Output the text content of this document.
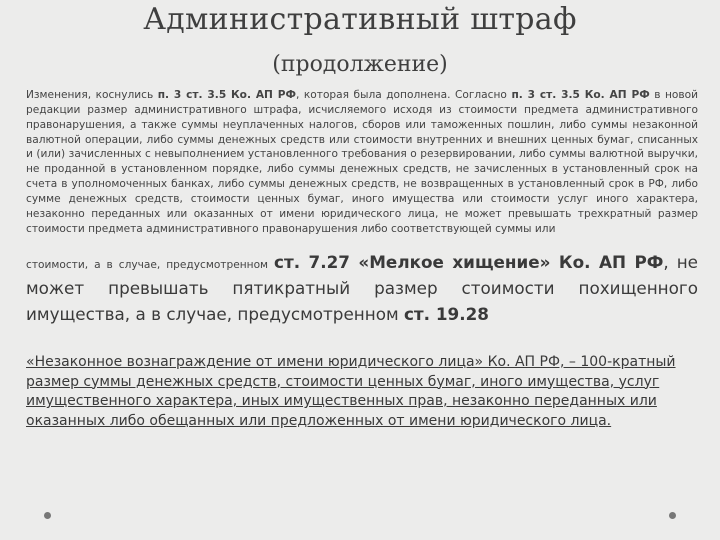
Административный штраф
(продолжение)
Изменения, коснулись п. 3 ст. 3.5 Ко. АП РФ, которая была дополнена. Согласно п. 3 ст. 3.5 Ко. АП РФ в новой редакции размер административного штрафа, исчисляемого исходя из стоимости предмета административного правонарушения, а также суммы неуплаченных налогов, сборов или таможенных пошлин, либо суммы незаконной валютной операции, либо суммы денежных средств или стоимости внутренних и внешних ценных бумаг, списанных и (или) зачисленных с невыполнением установленного требования о резервировании, либо суммы валютной выручки, не проданной в установленном порядке, либо суммы денежных средств, не зачисленных в установленный срок на счета в уполномоченных банках, либо суммы денежных средств, не возвращенных в установленный срок в РФ, либо сумме денежных средств, стоимости ценных бумаг, иного имущества или стоимости услуг иного характера, незаконно переданных или оказанных от имени юридического лица, не может превышать трехкратный размер стоимости предмета административного правонарушения либо соответствующей суммы или
стоимости, а в случае, предусмотренном ст. 7.27 «Мелкое хищение» Ко. АП РФ, не может превышать пятикратный размер стоимости похищенного имущества, а в случае, предусмотренном ст. 19.28
«Незаконное вознаграждение от имени юридического лица» Ко. АП РФ, – 100-кратный размер суммы денежных средств, стоимости ценных бумаг, иного имущества, услуг имущественного характера, иных имущественных прав, незаконно переданных или оказанных либо обещанных или предложенных от имени юридического лица.
